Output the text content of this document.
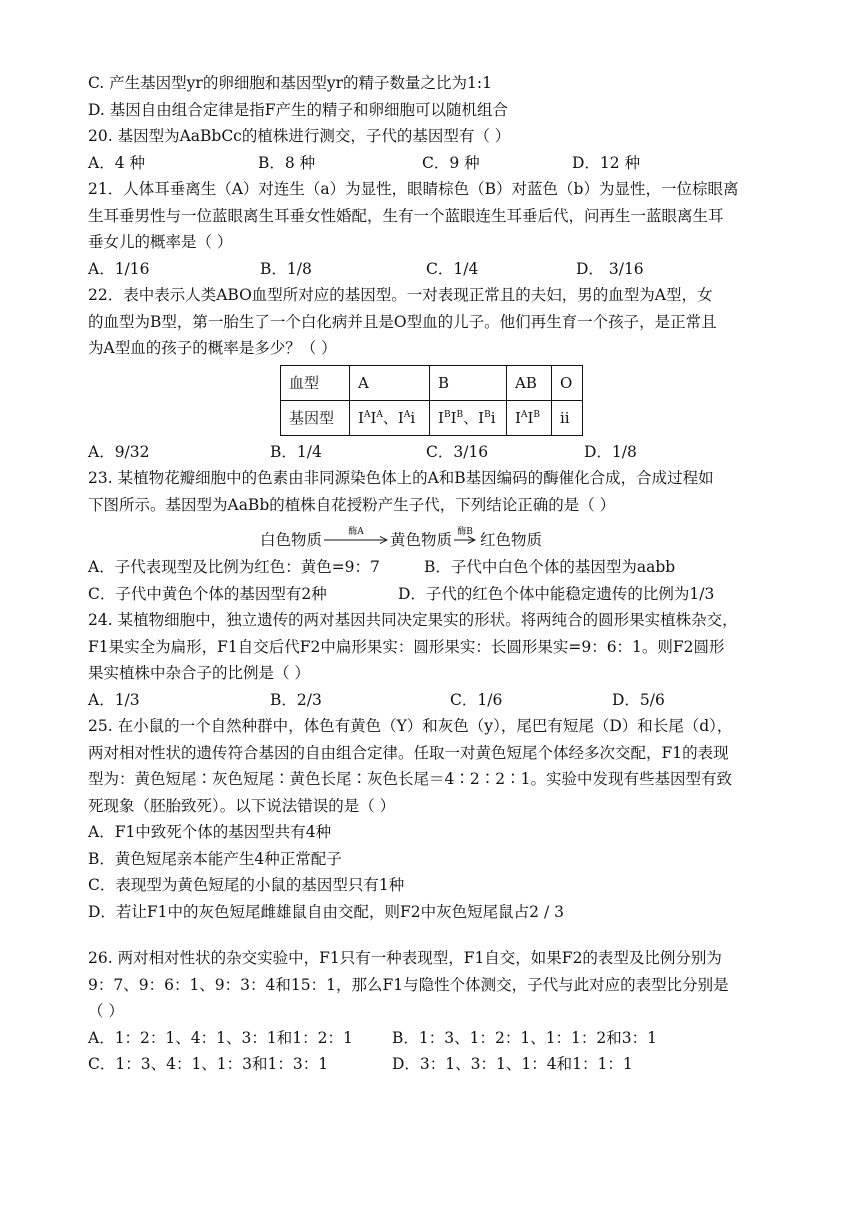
C. 产生基因型yr的卵细胞和基因型yr的精子数量之比为1:1
D. 基因自由组合定律是指F产生的精子和卵细胞可以随机组合
20. 基因型为AaBbCc的植株进行测交，子代的基因型有（ ）
A．4 种	B．8 种	C．9 种	D．12 种
21．人体耳垂离生（A）对连生（a）为显性，眼睛棕色（B）对蓝色（b）为显性，一位棕眼离
生耳垂男性与一位蓝眼离生耳垂女性婚配，生有一个蓝眼连生耳垂后代，问再生一蓝眼离生耳
垂女儿的概率是（ ）
A．1/16	B．1/8	C．1/4	D． 3/16
22．表中表示人类ABO血型所对应的基因型。一对表现正常且的夫妇，男的血型为A型，女
的血型为B型，第一胎生了一个白化病并且是O型血的儿子。他们再生育一个孩子，是正常且
为A型血的孩子的概率是多少？（ ）
血型	A	B	AB	O
基因型	$I^AI^A$、$I^Ai$	$I^BI^B$、$I^Bi$	$I^AI^B$	ii
A．9/32	B．1/4	C．3/16	D．1/8
23. 某植物花瓣细胞中的色素由非同源染色体上的A和B基因编码的酶催化合成，合成过程如
下图所示。基因型为AaBb的植株自花授粉产生子代，下列结论正确的是（ ）
白色物质	酶A	黄色物质 酶B 红色物质
A．子代表现型及比例为红色：黄色=9：7	B．子代中白色个体的基因型为aabb
C．子代中黄色个体的基因型有2种	D．子代的红色个体中能稳定遗传的比例为1/3
24. 某植物细胞中，独立遗传的两对基因共同决定果实的形状。将两纯合的圆形果实植株杂交，
F1果实全为扁形，F1自交后代F2中扁形果实：圆形果实：长圆形果实=9：6：1。则F2圆形
果实植株中杂合子的比例是（ ）
A．1/3	B．2/3	C．1/6	D．5/6
25. 在小鼠的一个自然种群中，体色有黄色（Y）和灰色（y），尾巴有短尾（D）和长尾（d），
两对相对性状的遗传符合基因的自由组合定律。任取一对黄色短尾个体经多次交配，F1的表现
型为：黄色短尾∶灰色短尾∶黄色长尾∶灰色长尾＝4∶2∶2∶1。实验中发现有些基因型有致
死现象（胚胎致死）。以下说法错误的是（ ）
A．F1中致死个体的基因型共有4种
B．黄色短尾亲本能产生4种正常配子
C．表现型为黄色短尾的小鼠的基因型只有1种
D．若让F1中的灰色短尾雌雄鼠自由交配，则F2中灰色短尾鼠占2 / 3
26. 两对相对性状的杂交实验中，F1只有一种表现型，F1自交，如果F2的表型及比例分别为
9：7、9：6：1、9：3：4和15：1，那么F1与隐性个体测交，子代与此对应的表型比分别是
（ ）
A．1：2：1、4：1、3：1和1：2：1	B．1：3、1：2：1、1：1：2和3：1
C．1：3、4：1、1：3和1：3：1	D．3：1、3：1、1：4和1：1：1
